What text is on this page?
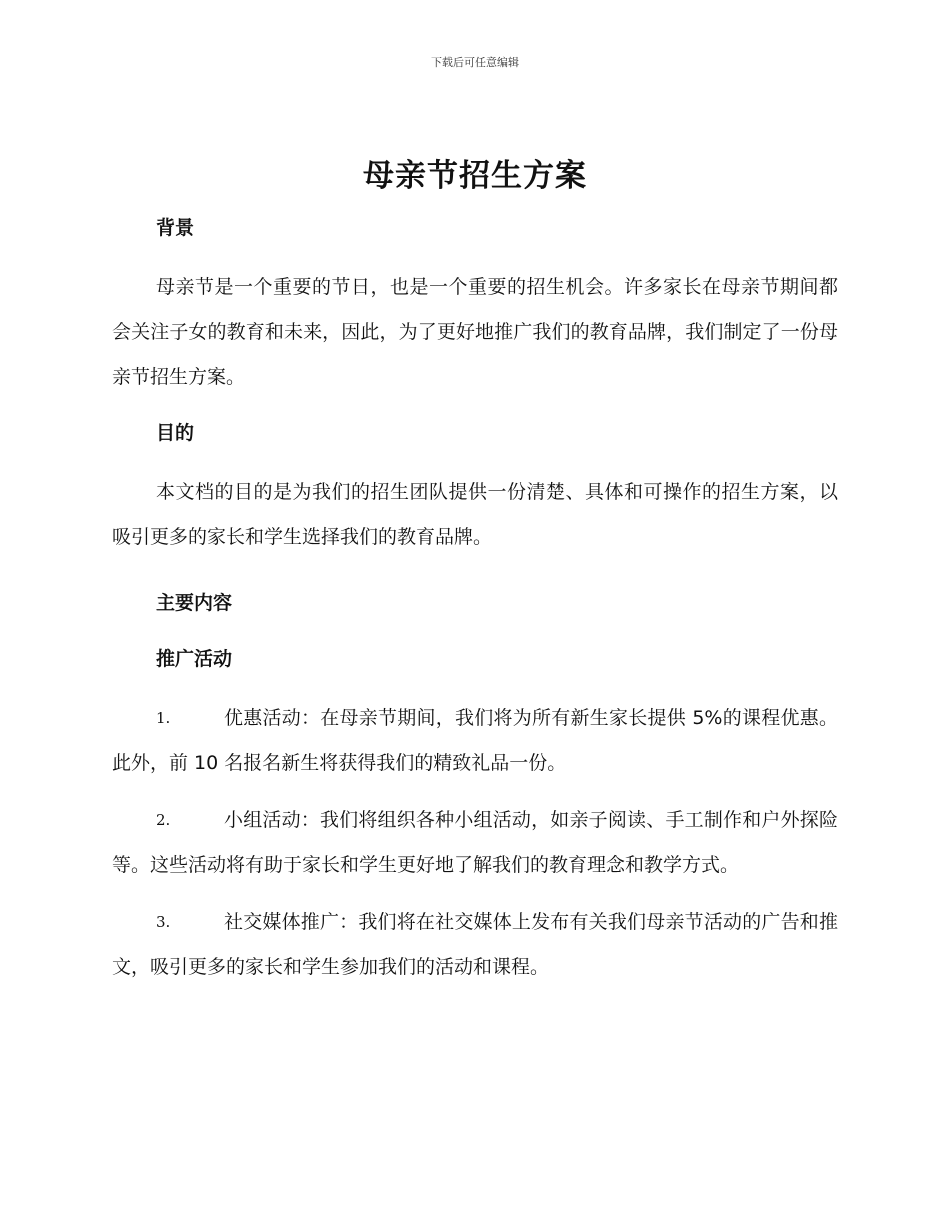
下载后可任意编辑
母亲节招生方案
背景
母亲节是一个重要的节日，也是一个重要的招生机会。许多家长在母亲节期间都会关注子女的教育和未来，因此，为了更好地推广我们的教育品牌，我们制定了一份母亲节招生方案。
目的
本文档的目的是为我们的招生团队提供一份清楚、具体和可操作的招生方案，以吸引更多的家长和学生选择我们的教育品牌。
主要内容
推广活动
1.	优惠活动：在母亲节期间，我们将为所有新生家长提供 5%的课程优惠。此外，前 10 名报名新生将获得我们的精致礼品一份。
2.	小组活动：我们将组织各种小组活动，如亲子阅读、手工制作和户外探险等。这些活动将有助于家长和学生更好地了解我们的教育理念和教学方式。
3.	社交媒体推广：我们将在社交媒体上发布有关我们母亲节活动的广告和推文，吸引更多的家长和学生参加我们的活动和课程。
